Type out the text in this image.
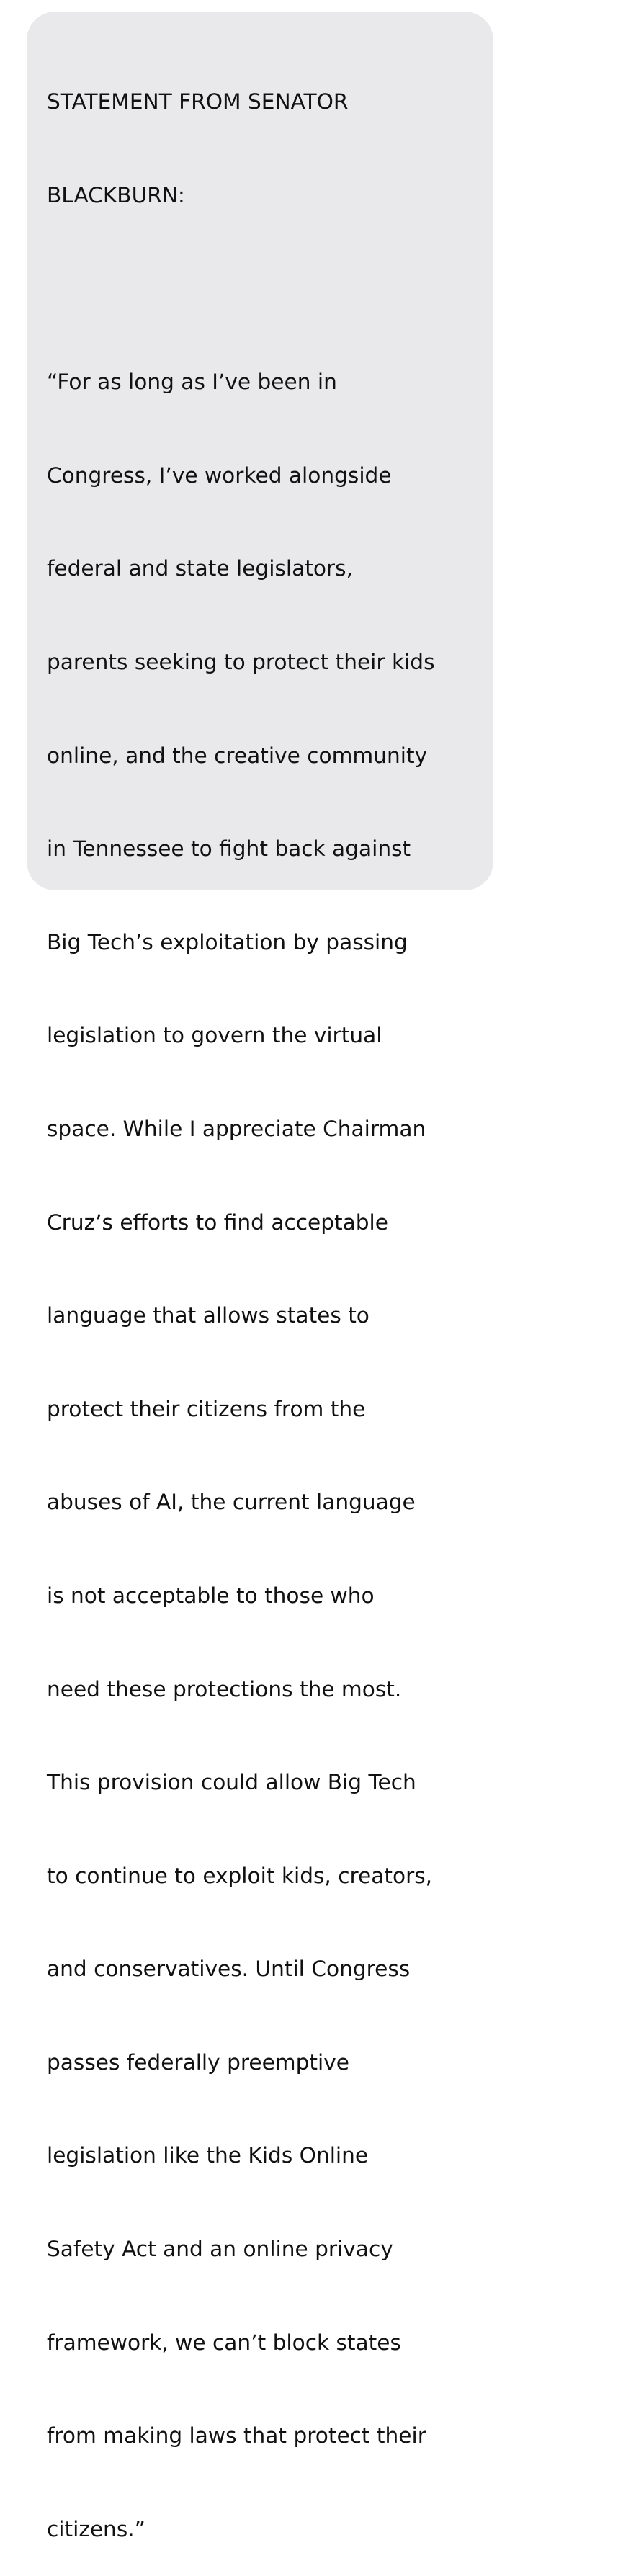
STATEMENT FROM SENATOR

BLACKBURN:

“For as long as I’ve been in

Congress, I’ve worked alongside

federal and state legislators,

parents seeking to protect their kids

online, and the creative community

in Tennessee to fight back against

Big Tech’s exploitation by passing

legislation to govern the virtual

space. While I appreciate Chairman

Cruz’s efforts to find acceptable

language that allows states to

protect their citizens from the

abuses of AI, the current language

is not acceptable to those who

need these protections the most.

This provision could allow Big Tech

to continue to exploit kids, creators,

and conservatives. Until Congress

passes federally preemptive

legislation like the Kids Online

Safety Act and an online privacy

framework, we can’t block states

from making laws that protect their

citizens.”
